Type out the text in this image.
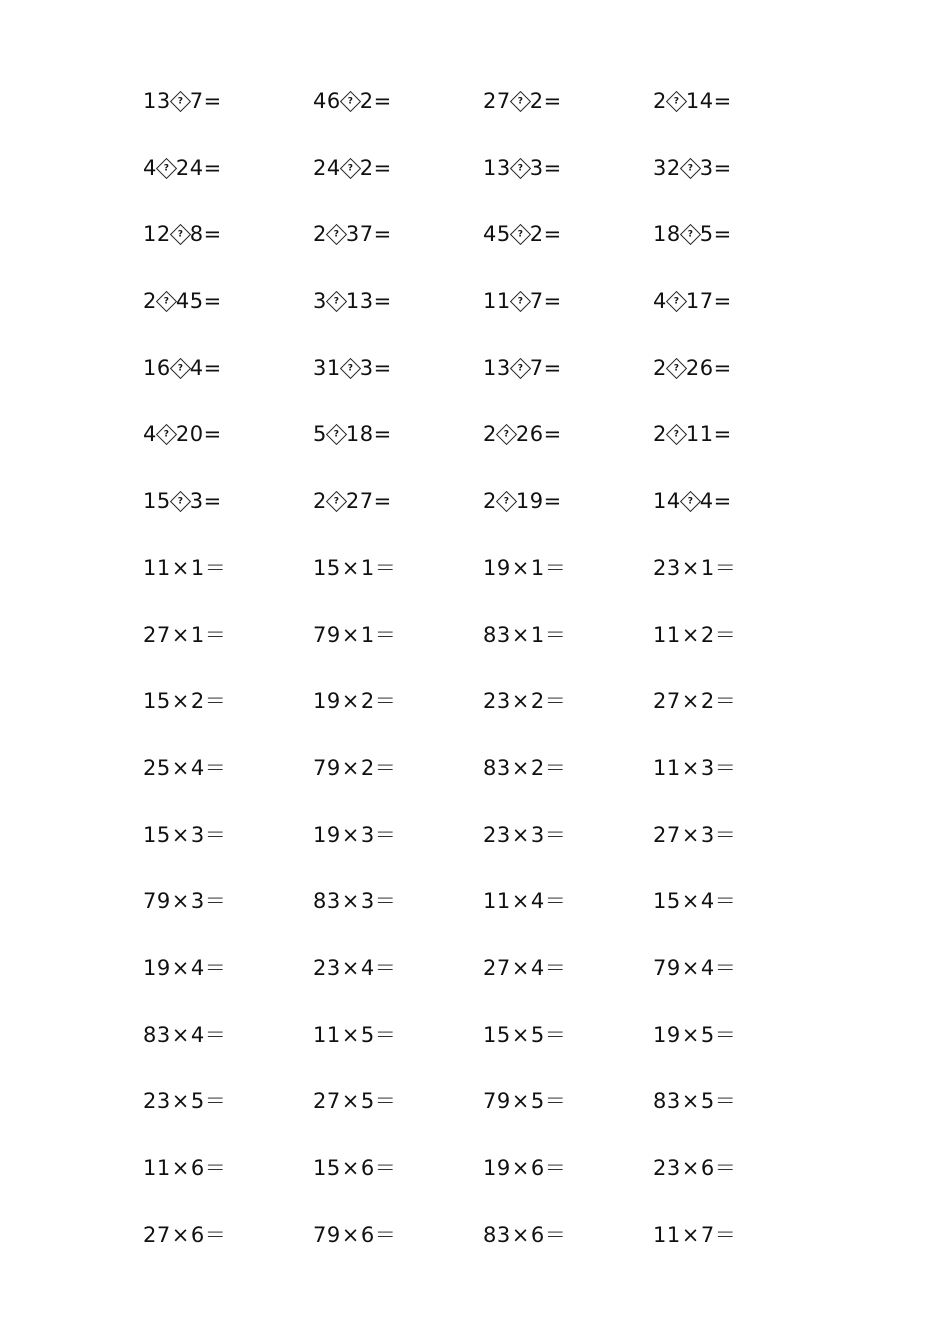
13 ? 7=	46 ? 2=	27 ? 2=	2 ? 14=
4 ? 24=	24 ? 2=	13 ? 3=	32 ? 3=
12 ? 8=	2 ? 37=	45 ? 2=	18 ? 5=
2 ? 45=	3 ? 13=	11 ? 7=	4 ? 17=
16 ? 4=	31 ? 3=	13 ? 7=	2 ? 26=
4 ? 20=	5 ? 18=	2 ? 26=	2 ? 11=
15 ? 3=	2 ? 27=	2 ? 19=	14 ? 4=
11×1＝	15×1＝	19×1＝	23×1＝
27×1＝	79×1＝	83×1＝	11×2＝
15×2＝	19×2＝	23×2＝	27×2＝
25×4＝	79×2＝	83×2＝	11×3＝
15×3＝	19×3＝	23×3＝	27×3＝
79×3＝	83×3＝	11×4＝	15×4＝
19×4＝	23×4＝	27×4＝	79×4＝
83×4＝	11×5＝	15×5＝	19×5＝
23×5＝	27×5＝	79×5＝	83×5＝
11×6＝	15×6＝	19×6＝	23×6＝
27×6＝	79×6＝	83×6＝	11×7＝
